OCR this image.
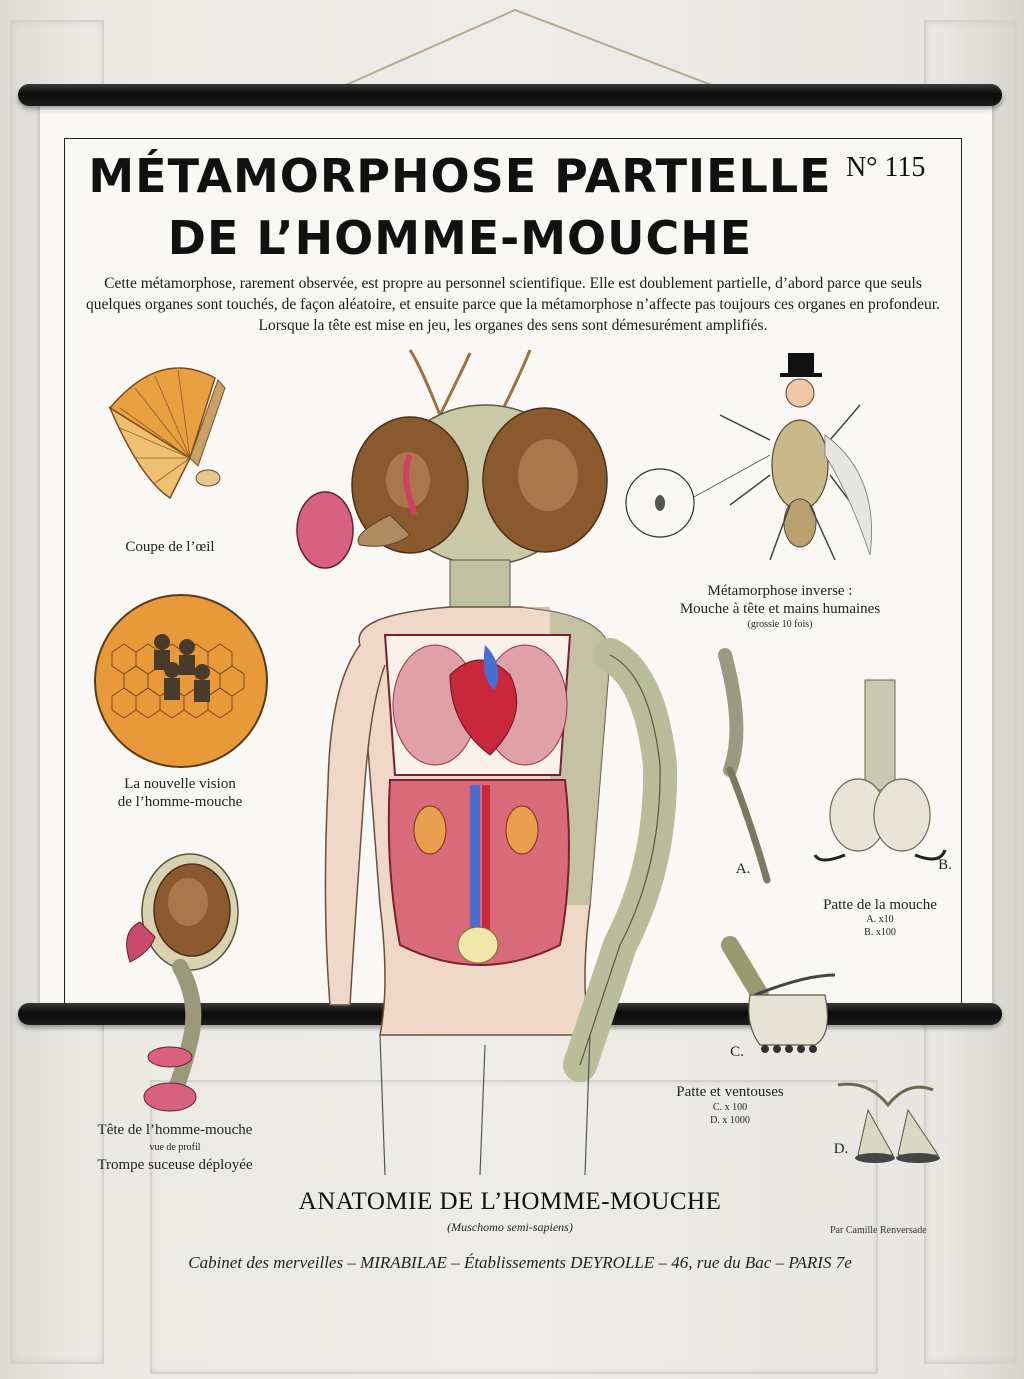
MÉTAMORPHOSE PARTIELLE
DE L’HOMME-MOUCHE
N° 115
Cette métamorphose, rarement observée, est propre au personnel scientifique. Elle est doublement partielle, d’abord parce que seuls quelques organes sont touchés, de façon aléatoire, et ensuite parce que la métamorphose n’affecte pas toujours ces organes en profondeur. Lorsque la tête est mise en jeu, les organes des sens sont démesurément amplifiés.
Coupe de l’œil
La nouvelle vision
de l’homme-mouche
Tête de l’homme-mouche
vue de profil
Trompe suceuse déployée
Métamorphose inverse :
Mouche à tête et mains humaines
(grossie 10 fois)
A.	B.
Patte de la mouche
A. x10
B. x100
C.
Patte et ventouses
C. x 100
D. x 1000
D.
ANATOMIE DE L’HOMME-MOUCHE
(Muschomo semi-sapiens)	Par Camille Renversade
Cabinet des merveilles – MIRABILAE – Établissements DEYROLLE – 46, rue du Bac – PARIS 7e
